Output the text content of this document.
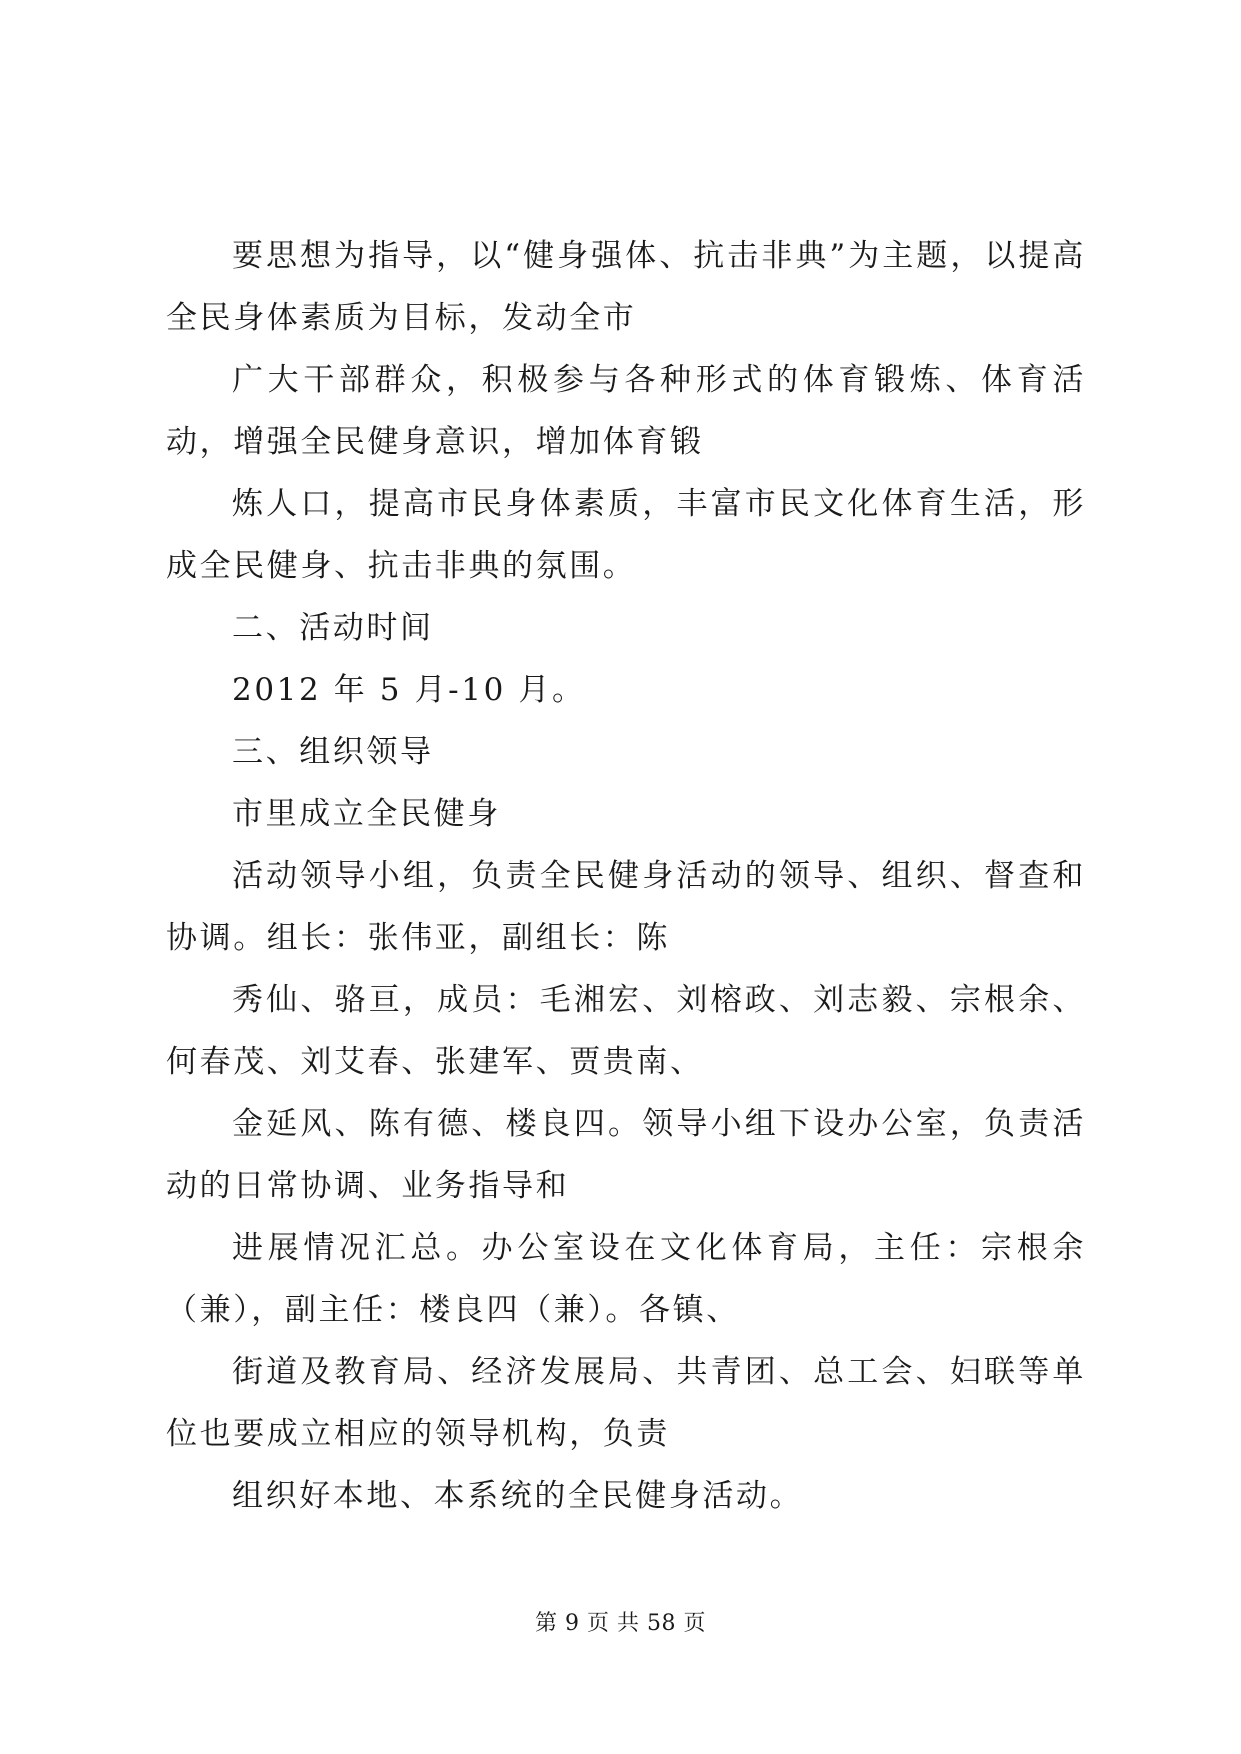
要思想为指导，以“健身强体、抗击非典”为主题，以提高全民身体素质为目标，发动全市

广大干部群众，积极参与各种形式的体育锻炼、体育活动，增强全民健身意识，增加体育锻

炼人口，提高市民身体素质，丰富市民文化体育生活，形成全民健身、抗击非典的氛围。

二、活动时间

2012 年 5 月-10 月。

三、组织领导

市里成立全民健身

活动领导小组，负责全民健身活动的领导、组织、督查和协调。组长：张伟亚，副组长：陈

秀仙、骆亘，成员：毛湘宏、刘榕政、刘志毅、宗根余、何春茂、刘艾春、张建军、贾贵南、

金延风、陈有德、楼良四。领导小组下设办公室，负责活动的日常协调、业务指导和

进展情况汇总。办公室设在文化体育局，主任：宗根余（兼），副主任：楼良四（兼）。各镇、

街道及教育局、经济发展局、共青团、总工会、妇联等单位也要成立相应的领导机构，负责

组织好本地、本系统的全民健身活动。

第 9 页 共 58 页
